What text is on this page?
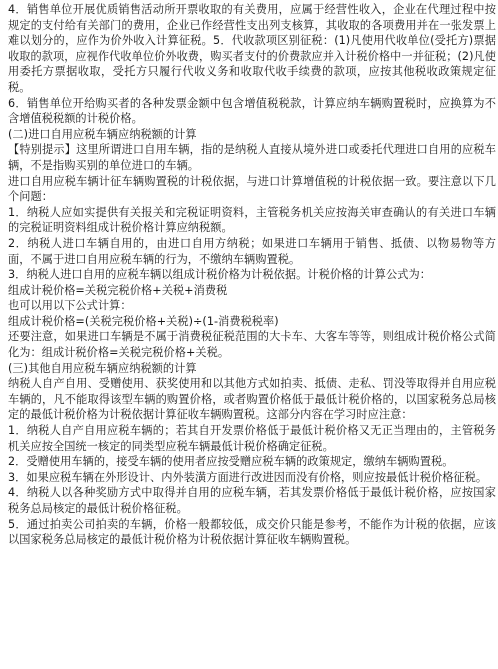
4．销售单位开展优质销售活动所开票收取的有关费用，应属于经营性收入，企业在代理过程中按规定的支付给有关部门的费用，企业已作经营性支出列支核算，其收取的各项费用并在一张发票上难以划分的，应作为价外收入计算征税。5．代收款项区别征税：(1)凡使用代收单位(受托方)票据收取的款项，应视作代收单位价外收费，购买者支付的价费款应并入计税价格中一并征税；(2)凡使用委托方票据收取，受托方只履行代收义务和收取代收手续费的款项，应按其他税收政策规定征税。

6．销售单位开给购买者的各种发票金额中包含增值税税款，计算应纳车辆购置税时，应换算为不含增值税税额的计税价格。

(二)进口自用应税车辆应纳税额的计算

【特别提示】这里所谓进口自用车辆，指的是纳税人直接从境外进口或委托代理进口自用的应税车辆，不是指购买别的单位进口的车辆。

进口自用应税车辆计征车辆购置税的计税依据，与进口计算增值税的计税依据一致。要注意以下几个问题：

1．纳税人应如实提供有关报关和完税证明资料，主管税务机关应按海关审查确认的有关进口车辆的完税证明资料组成计税价格计算应纳税额。

2．纳税人进口车辆自用的，由进口自用方纳税；如果进口车辆用于销售、抵债、以物易物等方面，不属于进口自用应税车辆的行为，不缴纳车辆购置税。

3．纳税人进口自用的应税车辆以组成计税价格为计税依据。计税价格的计算公式为：

组成计税价格=关税完税价格+关税+消费税

也可以用以下公式计算：

组成计税价格=(关税完税价格+关税)÷(1-消费税税率)

还要注意，如果进口车辆是不属于消费税征税范围的大卡车、大客车等等，则组成计税价格公式简化为：组成计税价格=关税完税价格+关税。

(三)其他自用应税车辆应纳税额的计算

纳税人自产自用、受赠使用、获奖使用和以其他方式如拍卖、抵债、走私、罚没等取得并自用应税车辆的，凡不能取得该型车辆的购置价格，或者购置价格低于最低计税价格的，以国家税务总局核定的最低计税价格为计税依据计算征收车辆购置税。这部分内容在学习时应注意：

1．纳税人自产自用应税车辆的；若其自开发票价格低于最低计税价格又无正当理由的，主管税务机关应按全国统一核定的同类型应税车辆最低计税价格确定征税。

2．受赠使用车辆的，接受车辆的使用者应按受赠应税车辆的政策规定，缴纳车辆购置税。

3．如果应税车辆在外形设计、内外装潢方面进行改进因而没有价格，则应按最低计税价格征税。

4．纳税人以各种奖励方式中取得并自用的应税车辆，若其发票价格低于最低计税价格，应按国家税务总局核定的最低计税价格征税。

5．通过拍卖公司拍卖的车辆，价格一般都较低，成交价只能是参考，不能作为计税的依据，应该以国家税务总局核定的最低计税价格为计税依据计算征收车辆购置税。
